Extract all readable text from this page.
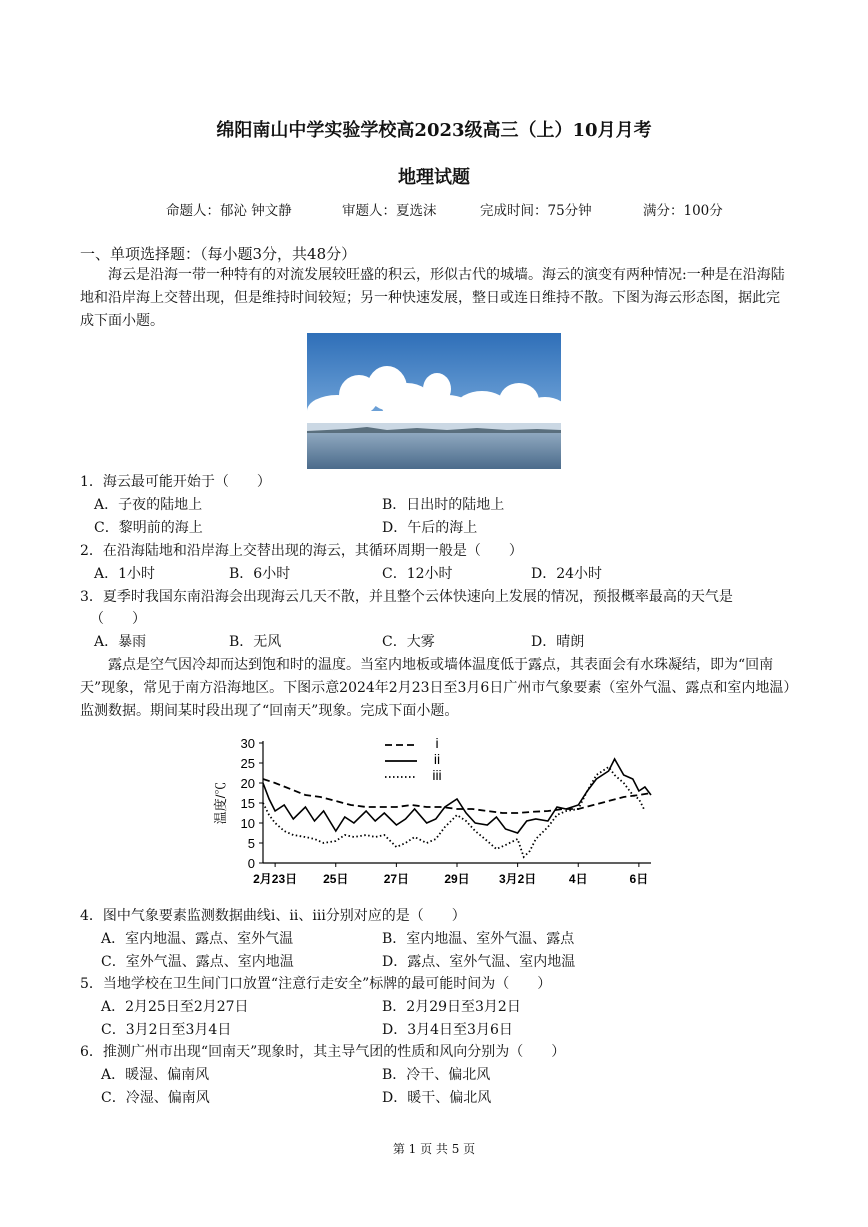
绵阳南山中学实验学校高2023级高三（上）10月月考
地理试题
命题人：郁沁 钟文静	审题人：夏选沫	完成时间：75分钟	满分：100分
一、单项选择题：（每小题3分，共48分）
海云是沿海一带一种特有的对流发展较旺盛的积云，形似古代的城墙。海云的演变有两种情况:一种是在沿海陆地和沿岸海上交替出现，但是维持时间较短；另一种快速发展，整日或连日维持不散。下图为海云形态图，据此完成下面小题。
1．海云最可能开始于（　　）
A．子夜的陆地上	B．日出时的陆地上
C．黎明前的海上	D．午后的海上
2．在沿海陆地和沿岸海上交替出现的海云，其循环周期一般是（　　）
A．1小时	B．6小时	C．12小时	D．24小时
3．夏季时我国东南沿海会出现海云几天不散，并且整个云体快速向上发展的情况，预报概率最高的天气是
（　　）
A．暴雨	B．无风	C．大雾	D．晴朗
露点是空气因冷却而达到饱和时的温度。当室内地板或墙体温度低于露点，其表面会有水珠凝结，即为“回南天”现象，常见于南方沿海地区。下图示意2024年2月23日至3月6日广州市气象要素（室外气温、露点和室内地温）监测数据。期间某时段出现了“回南天”现象。完成下面小题。
0
5
10
15
20
25
30
温度/℃
2月23日 25日	27日	29日 3月2日	4日	6日
i
ii
iii
4．图中气象要素监测数据曲线ⅰ、ⅱ、ⅲ分别对应的是（　　）
A．室内地温、露点、室外气温	B．室内地温、室外气温、露点
C．室外气温、露点、室内地温	D．露点、室外气温、室内地温
5．当地学校在卫生间门口放置“注意行走安全”标牌的最可能时间为（　　）
A．2月25日至2月27日	B．2月29日至3月2日
C．3月2日至3月4日	D．3月4日至3月6日
6．推测广州市出现“回南天”现象时，其主导气团的性质和风向分别为（　　）
A．暖湿、偏南风	B．冷干、偏北风
C．冷湿、偏南风	D．暖干、偏北风
第 1 页 共 5 页
